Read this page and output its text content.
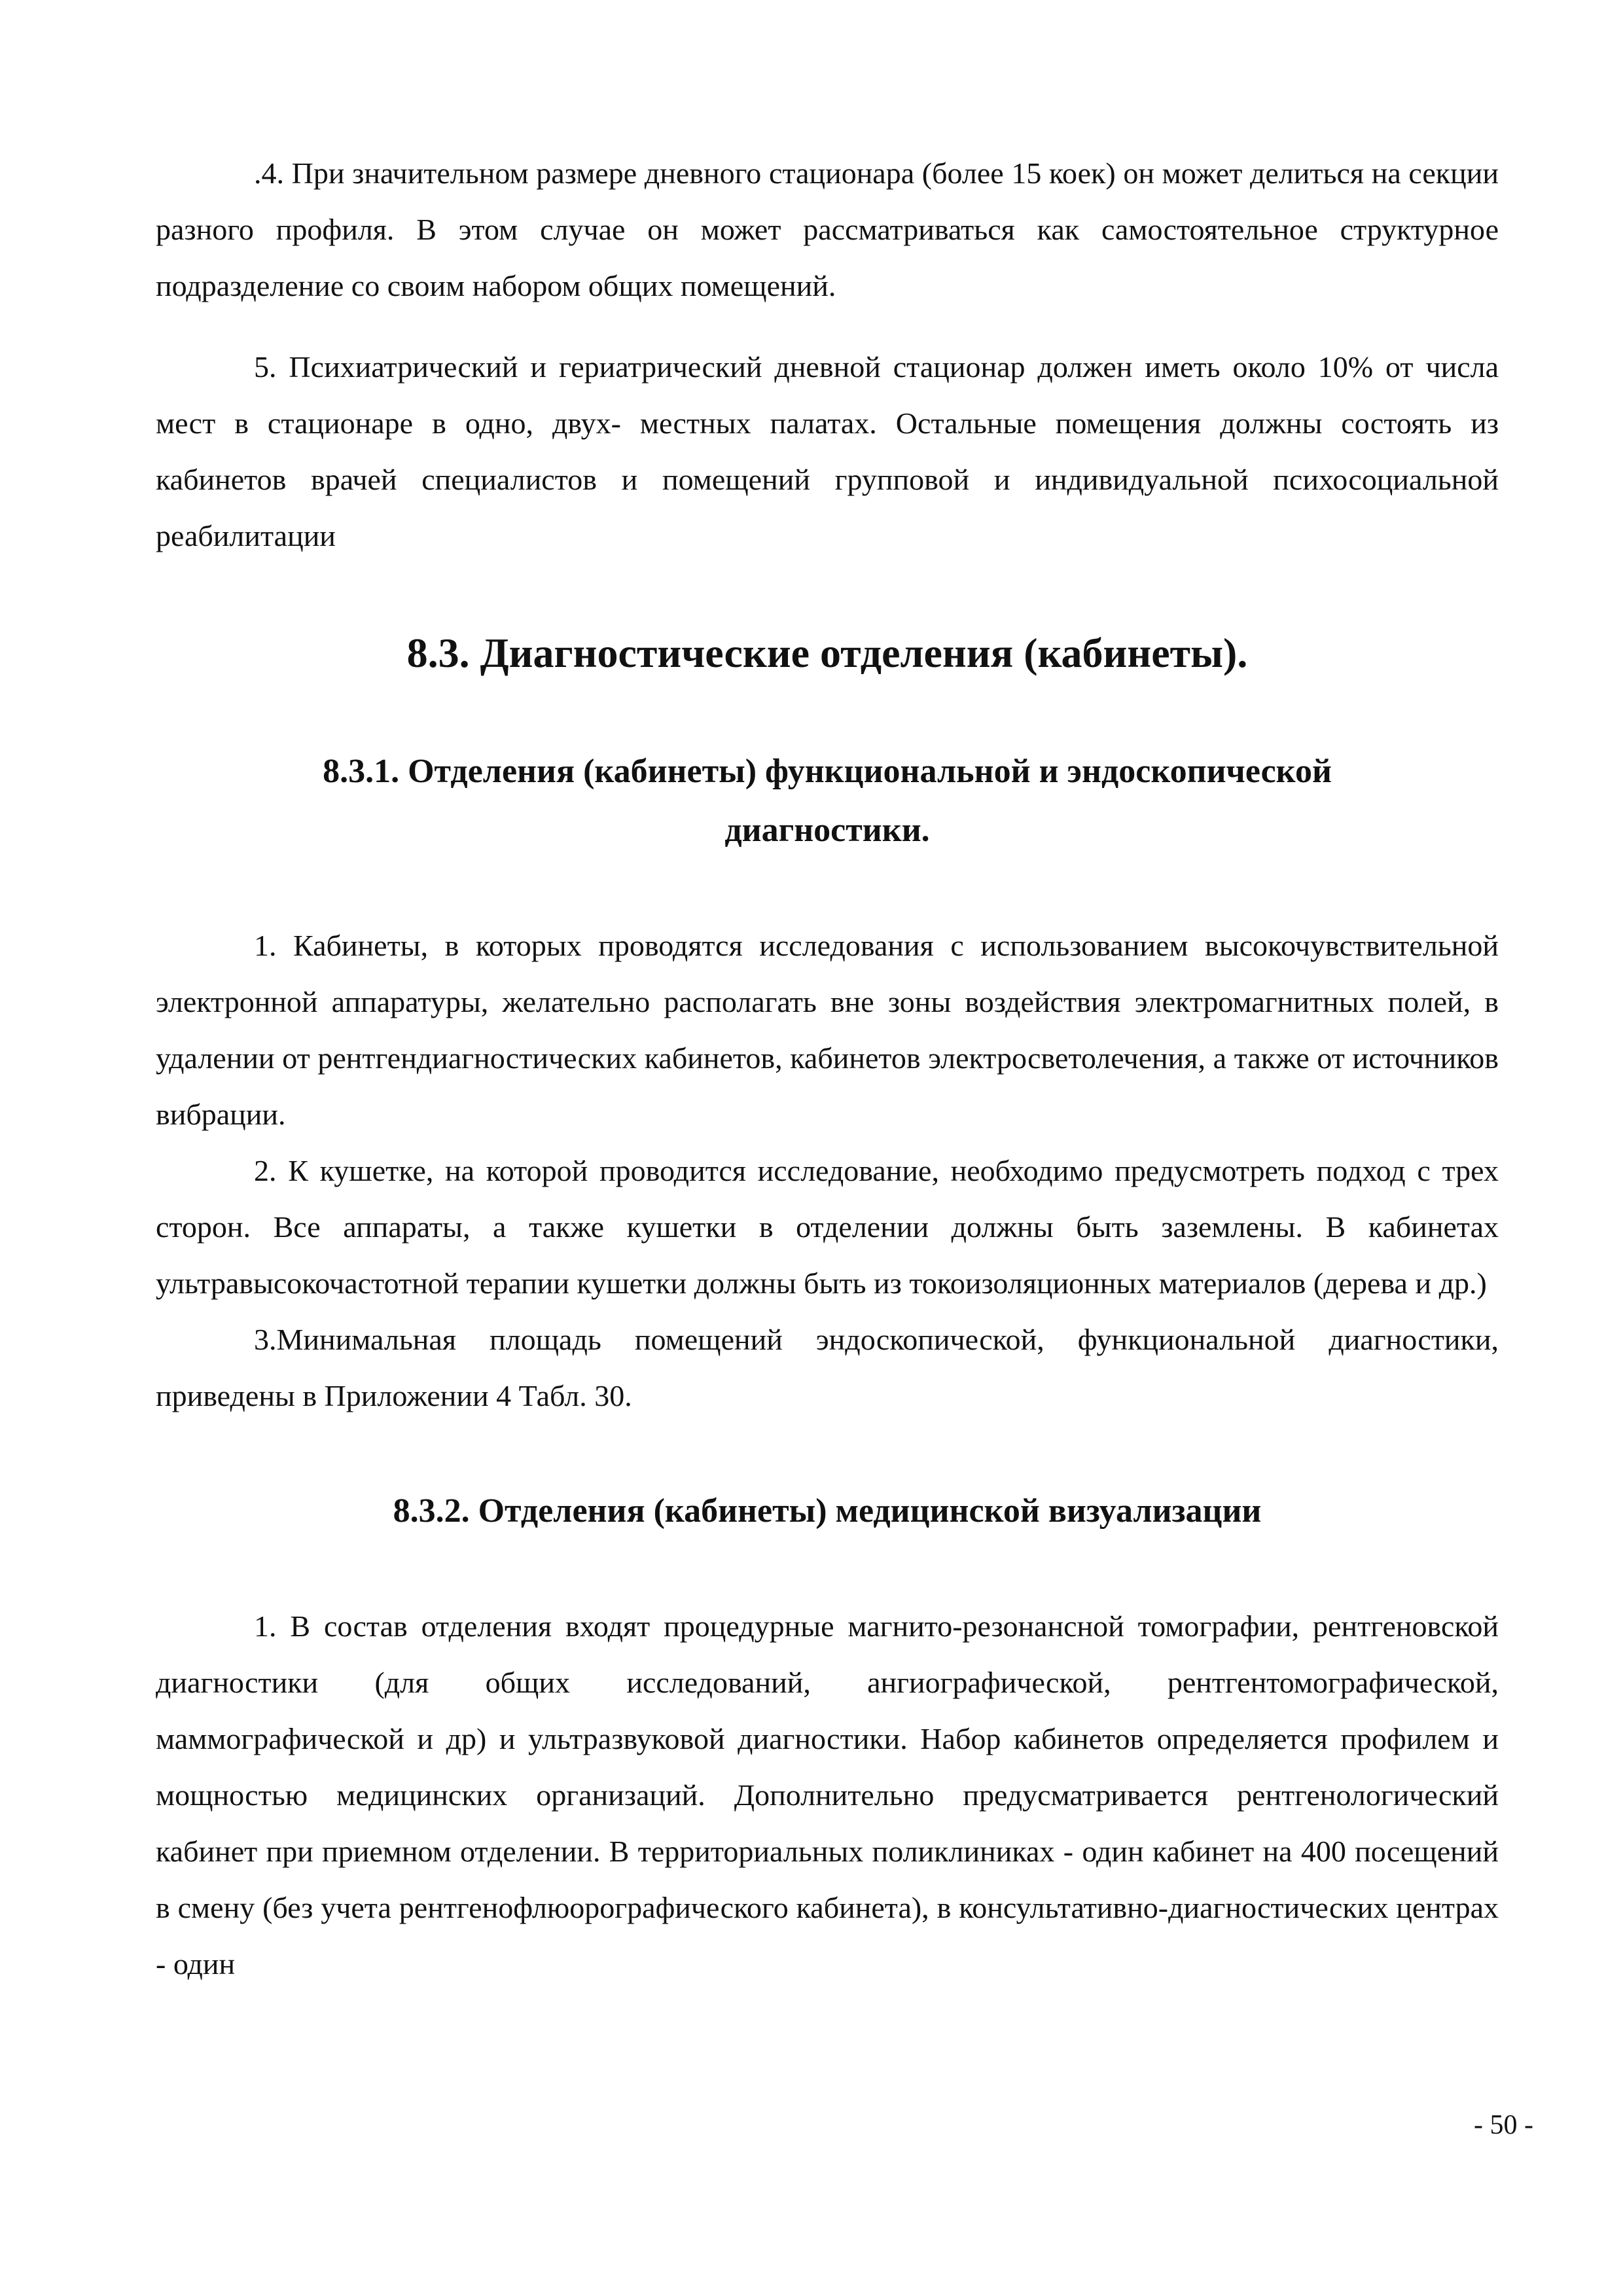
.4. При значительном размере дневного стационара (более 15 коек) он может делиться на секции разного профиля. В этом случае он может рассматриваться как самостоятельное структурное подразделение со своим набором общих помещений.

5. Психиатрический и гериатрический дневной стационар должен иметь около 10% от числа мест в стационаре в одно, двух- местных палатах. Остальные помещения должны состоять из кабинетов врачей специалистов и помещений групповой и индивидуальной психосоциальной реабилитации

8.3. Диагностические отделения (кабинеты).
8.3.1. Отделения (кабинеты) функциональной и эндоскопической
диагностики.

1. Кабинеты, в которых проводятся исследования с использованием высокочувствительной электронной аппаратуры, желательно располагать вне зоны воздействия электромагнитных полей, в удалении от рентгендиагностических кабинетов, кабинетов электросветолечения, а также от источников вибрации.

2. К кушетке, на которой проводится исследование, необходимо предусмотреть подход с трех сторон. Все аппараты, а также кушетки в отделении должны быть заземлены. В кабинетах ультравысокочастотной терапии кушетки должны быть из токоизоляционных материалов (дерева и др.)

3.Минимальная площадь помещений эндоскопической, функциональной диагностики, приведены в Приложении 4 Табл. 30.

8.3.2. Отделения (кабинеты) медицинской визуализации

1. В состав отделения входят процедурные магнито-резонансной томографии, рентгеновской диагностики (для общих исследований, ангиографической, рентгентомографической, маммографической и др) и ультразвуковой диагностики. Набор кабинетов определяется профилем и мощностью медицинских организаций. Дополнительно предусматривается рентгенологический кабинет при приемном отделении. В территориальных поликлиниках - один кабинет на 400 посещений в смену (без учета рентгенофлюорографического кабинета), в консультативно-диагностических центрах - один

- 50 -
